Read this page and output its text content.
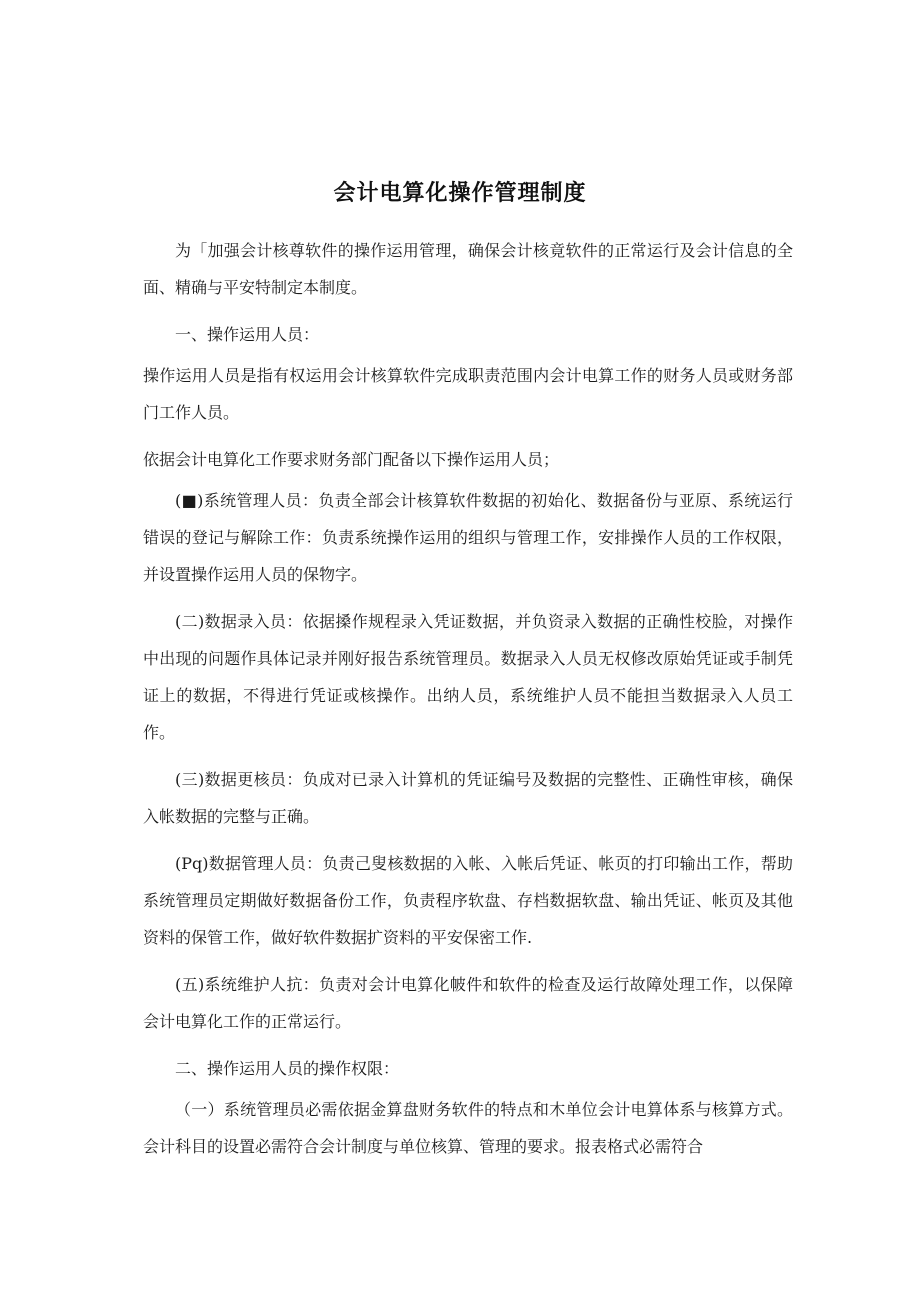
会计电算化操作管理制度

为「加强会计核尊软件的操作运用管理，确保会计核竟软件的正常运行及会计信息的全面、精确与平安特制定本制度。

一、操作运用人员：

操作运用人员是指有权运用会计核算软件完成职责范围内会计电算工作的财务人员或财务部门工作人员。

依据会计电算化工作要求财务部门配备以下操作运用人员；

(■)系统管理人员：负责全部会计核算软件数据的初始化、数据备份与亚原、系统运行错误的登记与解除工作：负责系统操作运用的组织与管理工作，安排操作人员的工作权限，并设置操作运用人员的保物字。

(二)数据录入员：依据搡作规程录入凭证数据，并负资录入数据的正确性校脸，对操作中出现的问题作具体记录并刚好报告系统管理员。数据录入人员无权修改原始凭证或手制凭证上的数据，不得进行凭证或核操作。出纳人员，系统维护人员不能担当数据录入人员工作。

(三)数据更核员：负成对已录入计算机的凭证编号及数据的完整性、正确性审核，确保入帐数据的完整与正确。

(Pq)数据管理人员：负责己叟核数据的入帐、入帐后凭证、帐页的打印输出工作，帮助系统管理员定期做好数据备份工作，负责程序软盘、存档数据软盘、输出凭证、帐页及其他资料的保管工作，做好软件数据扩资料的平安保密工作.

(五)系统维护人抗：负责对会计电算化帔件和软件的检查及运行故障处理工作，以保障会计电算化工作的正常运行。

二、操作运用人员的操作权限：

（一）系统管理员必需依据金算盘财务软件的特点和木单位会计电算体系与核算方式。会计科目的设置必需符合会计制度与单位核算、管理的要求。报表格式必需符合
